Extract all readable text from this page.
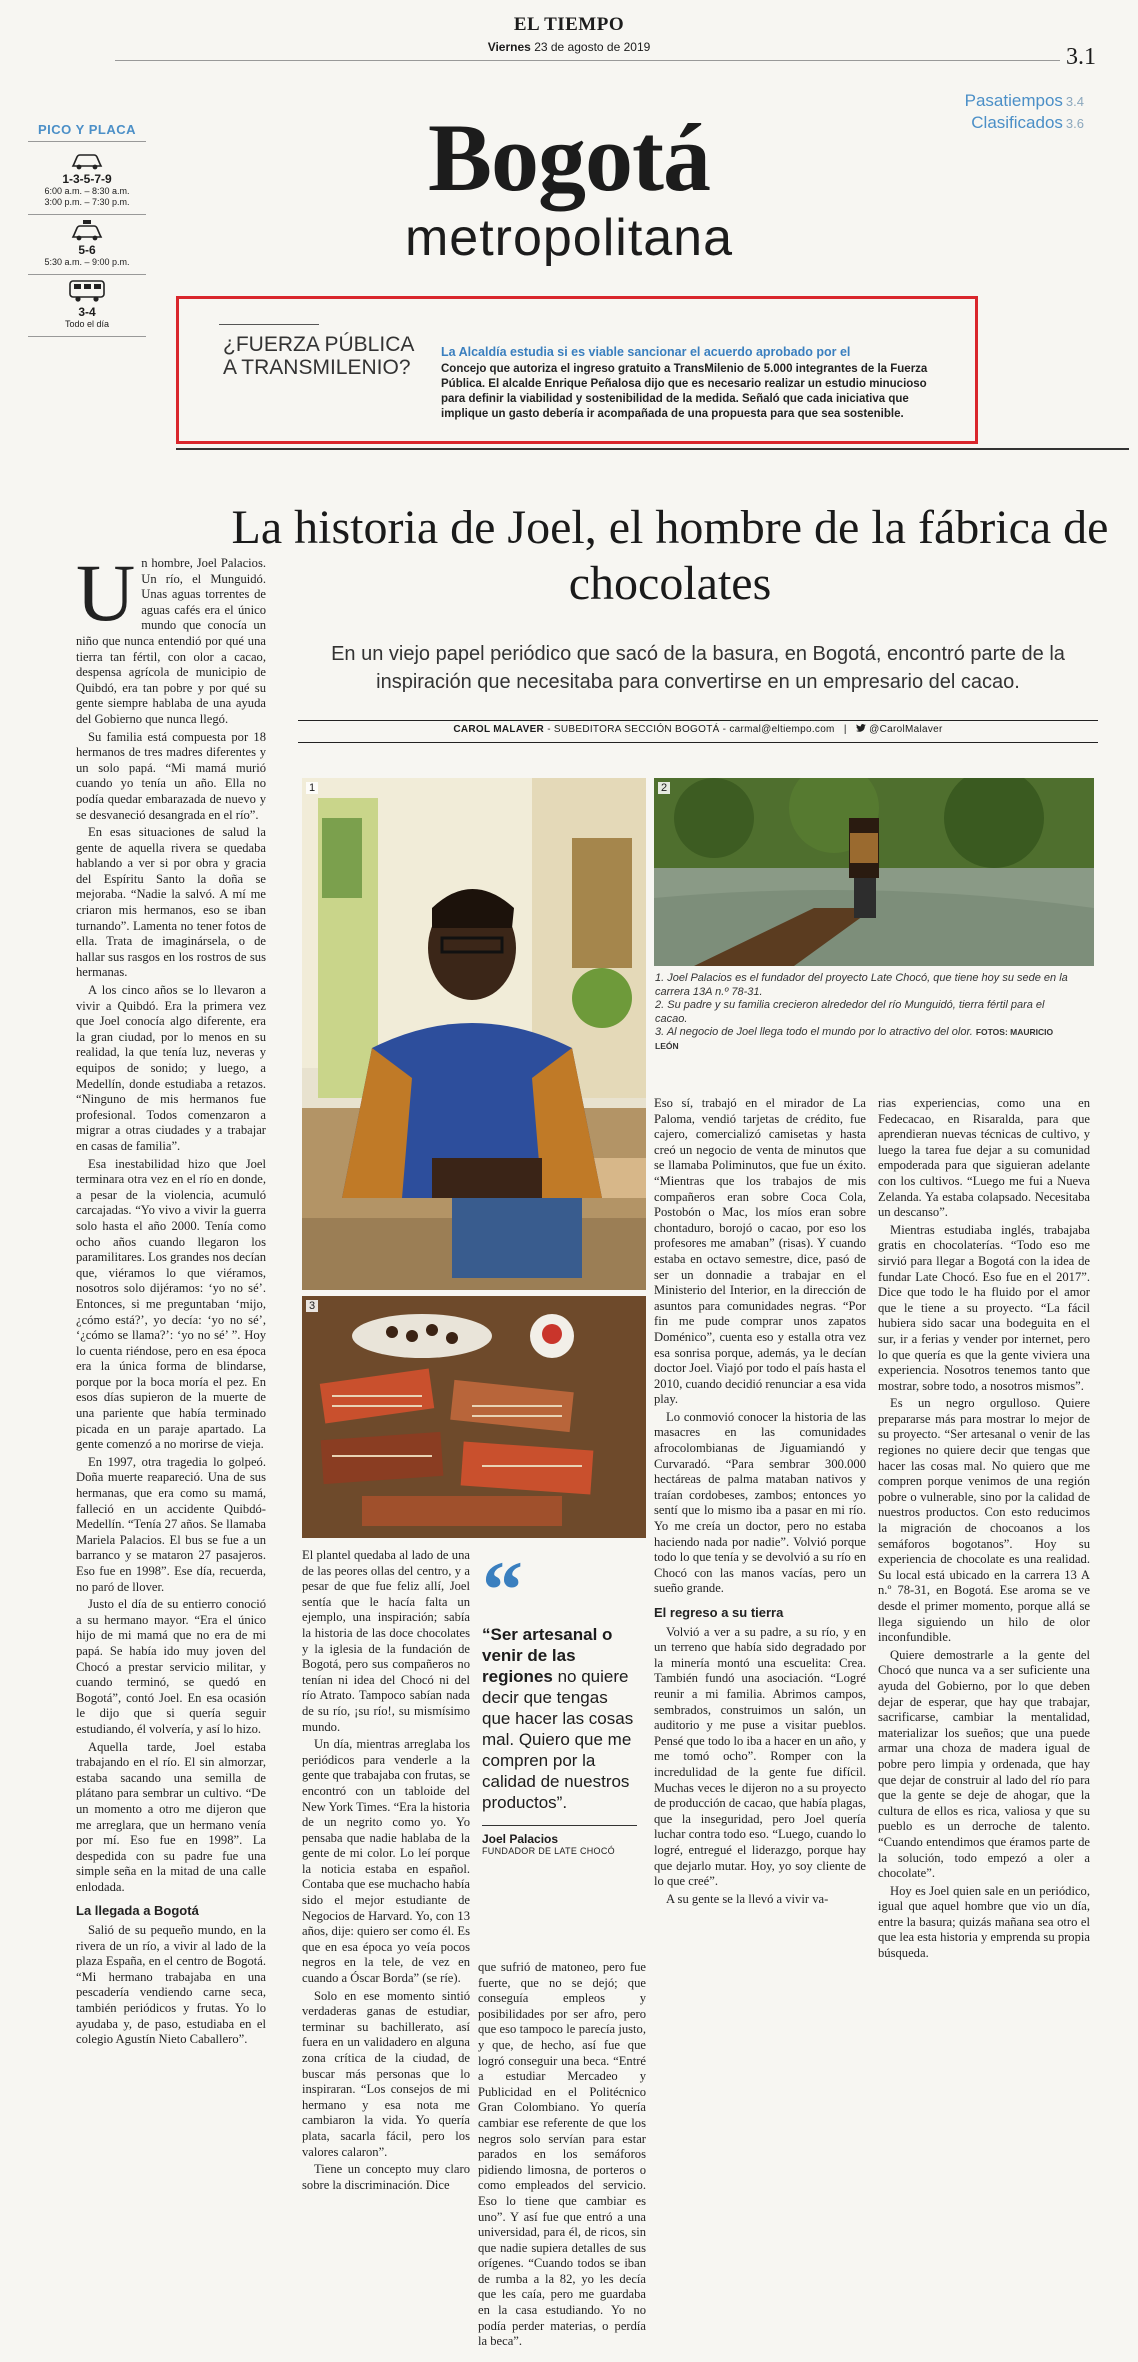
EL TIEMPO
Viernes 23 de agosto de 2019	3.1
Pasatiempos 3.4
Clasificados 3.6
Bogotá
metropolitana
PICO Y PLACA
1-3-5-7-9
6:00 a.m. – 8:30 a.m.
3:00 p.m. – 7:30 p.m.
5-6
5:30 a.m. – 9:00 p.m.
3-4
Todo el día
¿FUERZA PÚBLICA A TRANSMILENIO?
La Alcaldía estudia si es viable sancionar el acuerdo aprobado por el
Concejo que autoriza el ingreso gratuito a TransMilenio de 5.000 integrantes de la Fuerza Pública. El alcalde Enrique Peñalosa dijo que es necesario realizar un estudio minucioso para definir la viabilidad y sostenibilidad de la medida. Señaló que cada iniciativa que implique un gasto debería ir acompañada de una propuesta para que sea sostenible.
La historia de Joel, el hombre de la fábrica de chocolates
En un viejo papel periódico que sacó de la basura, en Bogotá, encontró parte de la inspiración que necesitaba para convertirse en un empresario del cacao.
CAROL MALAVER - SUBEDITORA SECCIÓN BOGOTÁ - carmal@eltiempo.com   |    @CarolMalaver

Un hombre, Joel Palacios. Un río, el Munguidó. Unas aguas torrentes de aguas cafés era el único mundo que conocía un niño que nunca entendió por qué una tierra tan fértil, con olor a cacao, despensa agrícola de municipio de Quibdó, era tan pobre y por qué su gente siempre hablaba de una ayuda del Gobierno que nunca llegó.

Su familia está compuesta por 18 hermanos de tres madres diferentes y un solo papá. “Mi mamá murió cuando yo tenía un año. Ella no podía quedar embarazada de nuevo y se desvaneció desangrada en el río”.

En esas situaciones de salud la gente de aquella rivera se quedaba hablando a ver si por obra y gracia del Espíritu Santo la doña se mejoraba. “Nadie la salvó. A mí me criaron mis hermanos, eso se iban turnando”. Lamenta no tener fotos de ella. Trata de imaginársela, o de hallar sus rasgos en los rostros de sus hermanas.

A los cinco años se lo llevaron a vivir a Quibdó. Era la primera vez que Joel conocía algo diferente, era la gran ciudad, por lo menos en su realidad, la que tenía luz, neveras y equipos de sonido; y luego, a Medellín, donde estudiaba a retazos. “Ninguno de mis hermanos fue profesional. Todos comenzaron a migrar a otras ciudades y a trabajar en casas de familia”.

Esa inestabilidad hizo que Joel terminara otra vez en el río en donde, a pesar de la violencia, acumuló carcajadas. “Yo vivo a vivir la guerra solo hasta el año 2000. Tenía como ocho años cuando llegaron los paramilitares. Los grandes nos decían que, viéramos lo que viéramos, nosotros solo dijéramos: ‘yo no sé’. Entonces, si me preguntaban ‘mijo, ¿cómo está?’, yo decía: ‘yo no sé’, ‘¿cómo se llama?’: ‘yo no sé’ ”. Hoy lo cuenta riéndose, pero en esa época era la única forma de blindarse, porque por la boca moría el pez. En esos días supieron de la muerte de una pariente que había terminado picada en un paraje apartado. La gente comenzó a no morirse de vieja.

En 1997, otra tragedia lo golpeó. Doña muerte reapareció. Una de sus hermanas, que era como su mamá, falleció en un accidente Quibdó-Medellín. “Tenía 27 años. Se llamaba Mariela Palacios. El bus se fue a un barranco y se mataron 27 pasajeros. Eso fue en 1998”. Ese día, recuerda, no paró de llover.

Justo el día de su entierro conoció a su hermano mayor. “Era el único hijo de mi mamá que no era de mi papá. Se había ido muy joven del Chocó a prestar servicio militar, y cuando terminó, se quedó en Bogotá”, contó Joel. En esa ocasión le dijo que si quería seguir estudiando, él volvería, y así lo hizo.

Aquella tarde, Joel estaba trabajando en el río. El sin almorzar, estaba sacando una semilla de plátano para sembrar un cultivo. “De un momento a otro me dijeron que me arreglara, que un hermano venía por mí. Eso fue en 1998”. La despedida con su padre fue una simple seña en la mitad de una calle enlodada.

La llegada a Bogotá

Salió de su pequeño mundo, en la rivera de un río, a vivir al lado de la plaza España, en el centro de Bogotá. “Mi hermano trabajaba en una pescadería vendiendo carne seca, también periódicos y frutas. Yo lo ayudaba y, de paso, estudiaba en el colegio Agustín Nieto Caballero”.

1	2
1. Joel Palacios es el fundador del proyecto Late Chocó, que tiene hoy su sede en la carrera 13A n.º 78-31.
2. Su padre y su familia crecieron alrededor del río Munguidó, tierra fértil para el cacao.
3. Al negocio de Joel llega todo el mundo por lo atractivo del olor. FOTOS: MAURICIO LEÓN
3

El plantel quedaba al lado de una de las peores ollas del centro, y a pesar de que fue feliz allí, Joel sentía que le hacía falta un ejemplo, una inspiración; sabía la historia de las doce chocolates y la iglesia de la fundación de Bogotá, pero sus compañeros no tenían ni idea del Chocó ni del río Atrato. Tampoco sabían nada de su río, ¡su río!, su mismísimo mundo.

Un día, mientras arreglaba los periódicos para venderle a la gente que trabajaba con frutas, se encontró con un tabloide del New York Times. “Era la historia de un negrito como yo. Yo pensaba que nadie hablaba de la gente de mi color. Lo leí porque la noticia estaba en español. Contaba que ese muchacho había sido el mejor estudiante de Negocios de Harvard. Yo, con 13 años, dije: quiero ser como él. Es que en esa época yo veía pocos negros en la tele, de vez en cuando a Óscar Borda” (se ríe).

Solo en ese momento sintió verdaderas ganas de estudiar, terminar su bachillerato, así fuera en un validadero en alguna zona crítica de la ciudad, de buscar más personas que lo inspiraran. “Los consejos de mi hermano y esa nota me cambiaron la vida. Yo quería plata, sacarla fácil, pero los valores calaron”.

Tiene un concepto muy claro sobre la discriminación. Dice

“
“Ser artesanal o venir de las regiones no quiere decir que tengas que hacer las cosas mal. Quiero que me compren por la calidad de nuestros productos”.
Joel Palacios
FUNDADOR DE LATE CHOCÓ

que sufrió de matoneo, pero fue fuerte, que no se dejó; que conseguía empleos y posibilidades por ser afro, pero que eso tampoco le parecía justo, y que, de hecho, así fue que logró conseguir una beca. “Entré a estudiar Mercadeo y Publicidad en el Politécnico Gran Colombiano. Yo quería cambiar ese referente de que los negros solo servían para estar parados en los semáforos pidiendo limosna, de porteros o como empleados del servicio. Eso lo tiene que cambiar es uno”. Y así fue que entró a una universidad, para él, de ricos, sin que nadie supiera detalles de sus orígenes. “Cuando todos se iban de rumba a la 82, yo les decía que les caía, pero me guardaba en la casa estudiando. Yo no podía perder materias, o perdía la beca”.

Eso sí, trabajó en el mirador de La Paloma, vendió tarjetas de crédito, fue cajero, comercializó camisetas y hasta creó un negocio de venta de minutos que se llamaba Poliminutos, que fue un éxito. “Mientras que los trabajos de mis compañeros eran sobre Coca Cola, Postobón o Mac, los míos eran sobre chontaduro, borojó o cacao, por eso los profesores me amaban” (risas). Y cuando estaba en octavo semestre, dice, pasó de ser un donnadie a trabajar en el Ministerio del Interior, en la dirección de asuntos para comunidades negras. “Por fin me pude comprar unos zapatos Doménico”, cuenta eso y estalla otra vez esa sonrisa porque, además, ya le decían doctor Joel. Viajó por todo el país hasta el 2010, cuando decidió renunciar a esa vida play.

Lo conmovió conocer la historia de las masacres en las comunidades afrocolombianas de Jiguamiandó y Curvaradó. “Para sembrar 300.000 hectáreas de palma mataban nativos y traían cordobeses, zambos; entonces yo sentí que lo mismo iba a pasar en mi río. Yo me creía un doctor, pero no estaba haciendo nada por nadie”. Volvió porque todo lo que tenía y se devolvió a su río en Chocó con las manos vacías, pero un sueño grande.

El regreso a su tierra

Volvió a ver a su padre, a su río, y en un terreno que había sido degradado por la minería montó una escuelita: Crea. También fundó una asociación. “Logré reunir a mi familia. Abrimos campos, sembrados, construimos un salón, un auditorio y me puse a visitar pueblos. Pensé que todo lo iba a hacer en un año, y me tomó ocho”. Romper con la incredulidad de la gente fue difícil. Muchas veces le dijeron no a su proyecto de producción de cacao, que había plagas, que la inseguridad, pero Joel quería luchar contra todo eso. “Luego, cuando lo logré, entregué el liderazgo, porque hay que dejarlo mutar. Hoy, yo soy cliente de lo que creé”.

A su gente se la llevó a vivir va-

rias experiencias, como una en Fedecacao, en Risaralda, para que aprendieran nuevas técnicas de cultivo, y luego la tarea fue dejar a su comunidad empoderada para que siguieran adelante con los cultivos. “Luego me fui a Nueva Zelanda. Ya estaba colapsado. Necesitaba un descanso”.

Mientras estudiaba inglés, trabajaba gratis en chocolaterías. “Todo eso me sirvió para llegar a Bogotá con la idea de fundar Late Chocó. Eso fue en el 2017”. Dice que todo le ha fluido por el amor que le tiene a su proyecto. “La fácil hubiera sido sacar una bodeguita en el sur, ir a ferias y vender por internet, pero lo que quería es que la gente viviera una experiencia. Nosotros tenemos tanto que mostrar, sobre todo, a nosotros mismos”.

Es un negro orgulloso. Quiere prepararse más para mostrar lo mejor de su proyecto. “Ser artesanal o venir de las regiones no quiere decir que tengas que hacer las cosas mal. No quiero que me compren porque venimos de una región pobre o vulnerable, sino por la calidad de nuestros productos. Con esto reducimos la migración de chocoanos a los semáforos bogotanos”. Hoy su experiencia de chocolate es una realidad. Su local está ubicado en la carrera 13 A n.º 78-31, en Bogotá. Ese aroma se ve desde el primer momento, porque allá se llega siguiendo un hilo de olor inconfundible.

Quiere demostrarle a la gente del Chocó que nunca va a ser suficiente una ayuda del Gobierno, por lo que deben dejar de esperar, que hay que trabajar, sacrificarse, cambiar la mentalidad, materializar los sueños; que una puede armar una choza de madera igual de pobre pero limpia y ordenada, que hay que dejar de construir al lado del río para que la gente se deje de ahogar, que la cultura de ellos es rica, valiosa y que su pueblo es un derroche de talento. “Cuando entendimos que éramos parte de la solución, todo empezó a oler a chocolate”.

Hoy es Joel quien sale en un periódico, igual que aquel hombre que vio un día, entre la basura; quizás mañana sea otro el que lea esta historia y emprenda su propia búsqueda.
